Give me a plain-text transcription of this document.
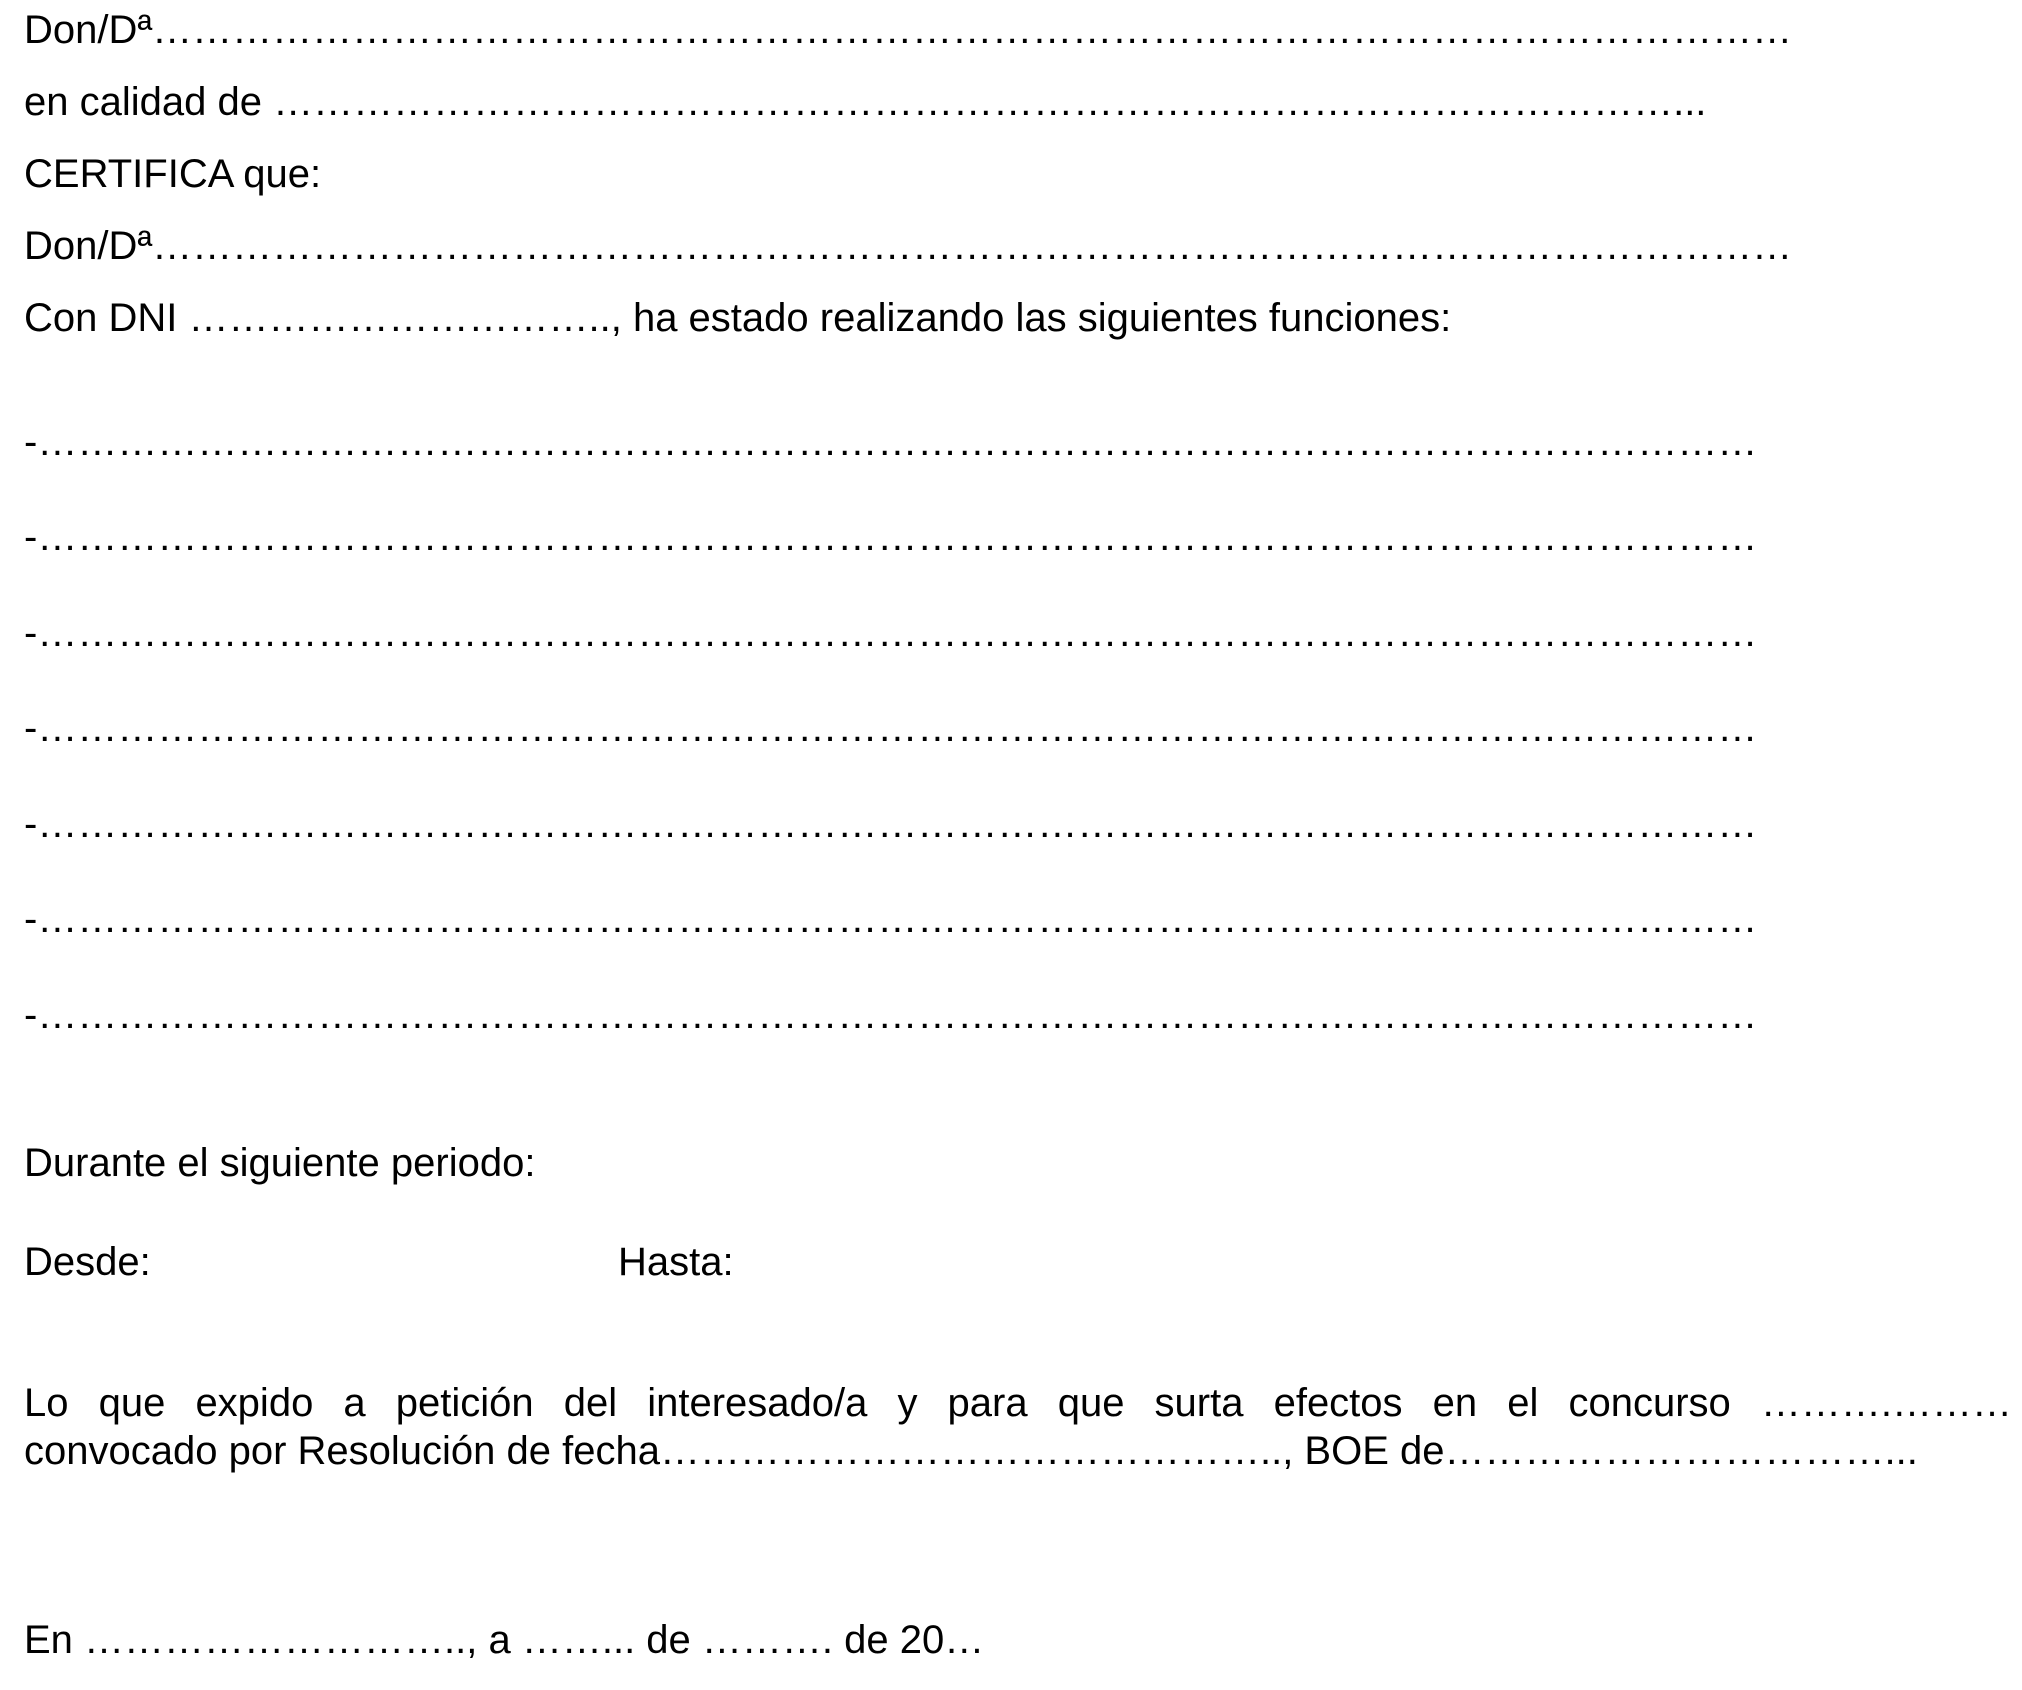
Don/Dª……………………………………………………………………………………………………………
en calidad de ……………………………………………………………………………………………...
CERTIFICA que:
Don/Dª……………………………………………………………………………………………………………
Con DNI ………………………….., ha estado realizando las siguientes funciones:
-…………………………………………………………………………………………………………………
-…………………………………………………………………………………………………………………
-…………………………………………………………………………………………………………………
-…………………………………………………………………………………………………………………
-…………………………………………………………………………………………………………………
-…………………………………………………………………………………………………………………
-…………………………………………………………………………………………………………………
Durante el siguiente periodo:
Desde:	Hasta:
Lo que expido a petición del interesado/a y para que surta efectos en el concurso ……….………
convocado por Resolución de fecha……………………………………….., BOE de……………………………...
En ……………………….., a ……... de ………. de 20…
